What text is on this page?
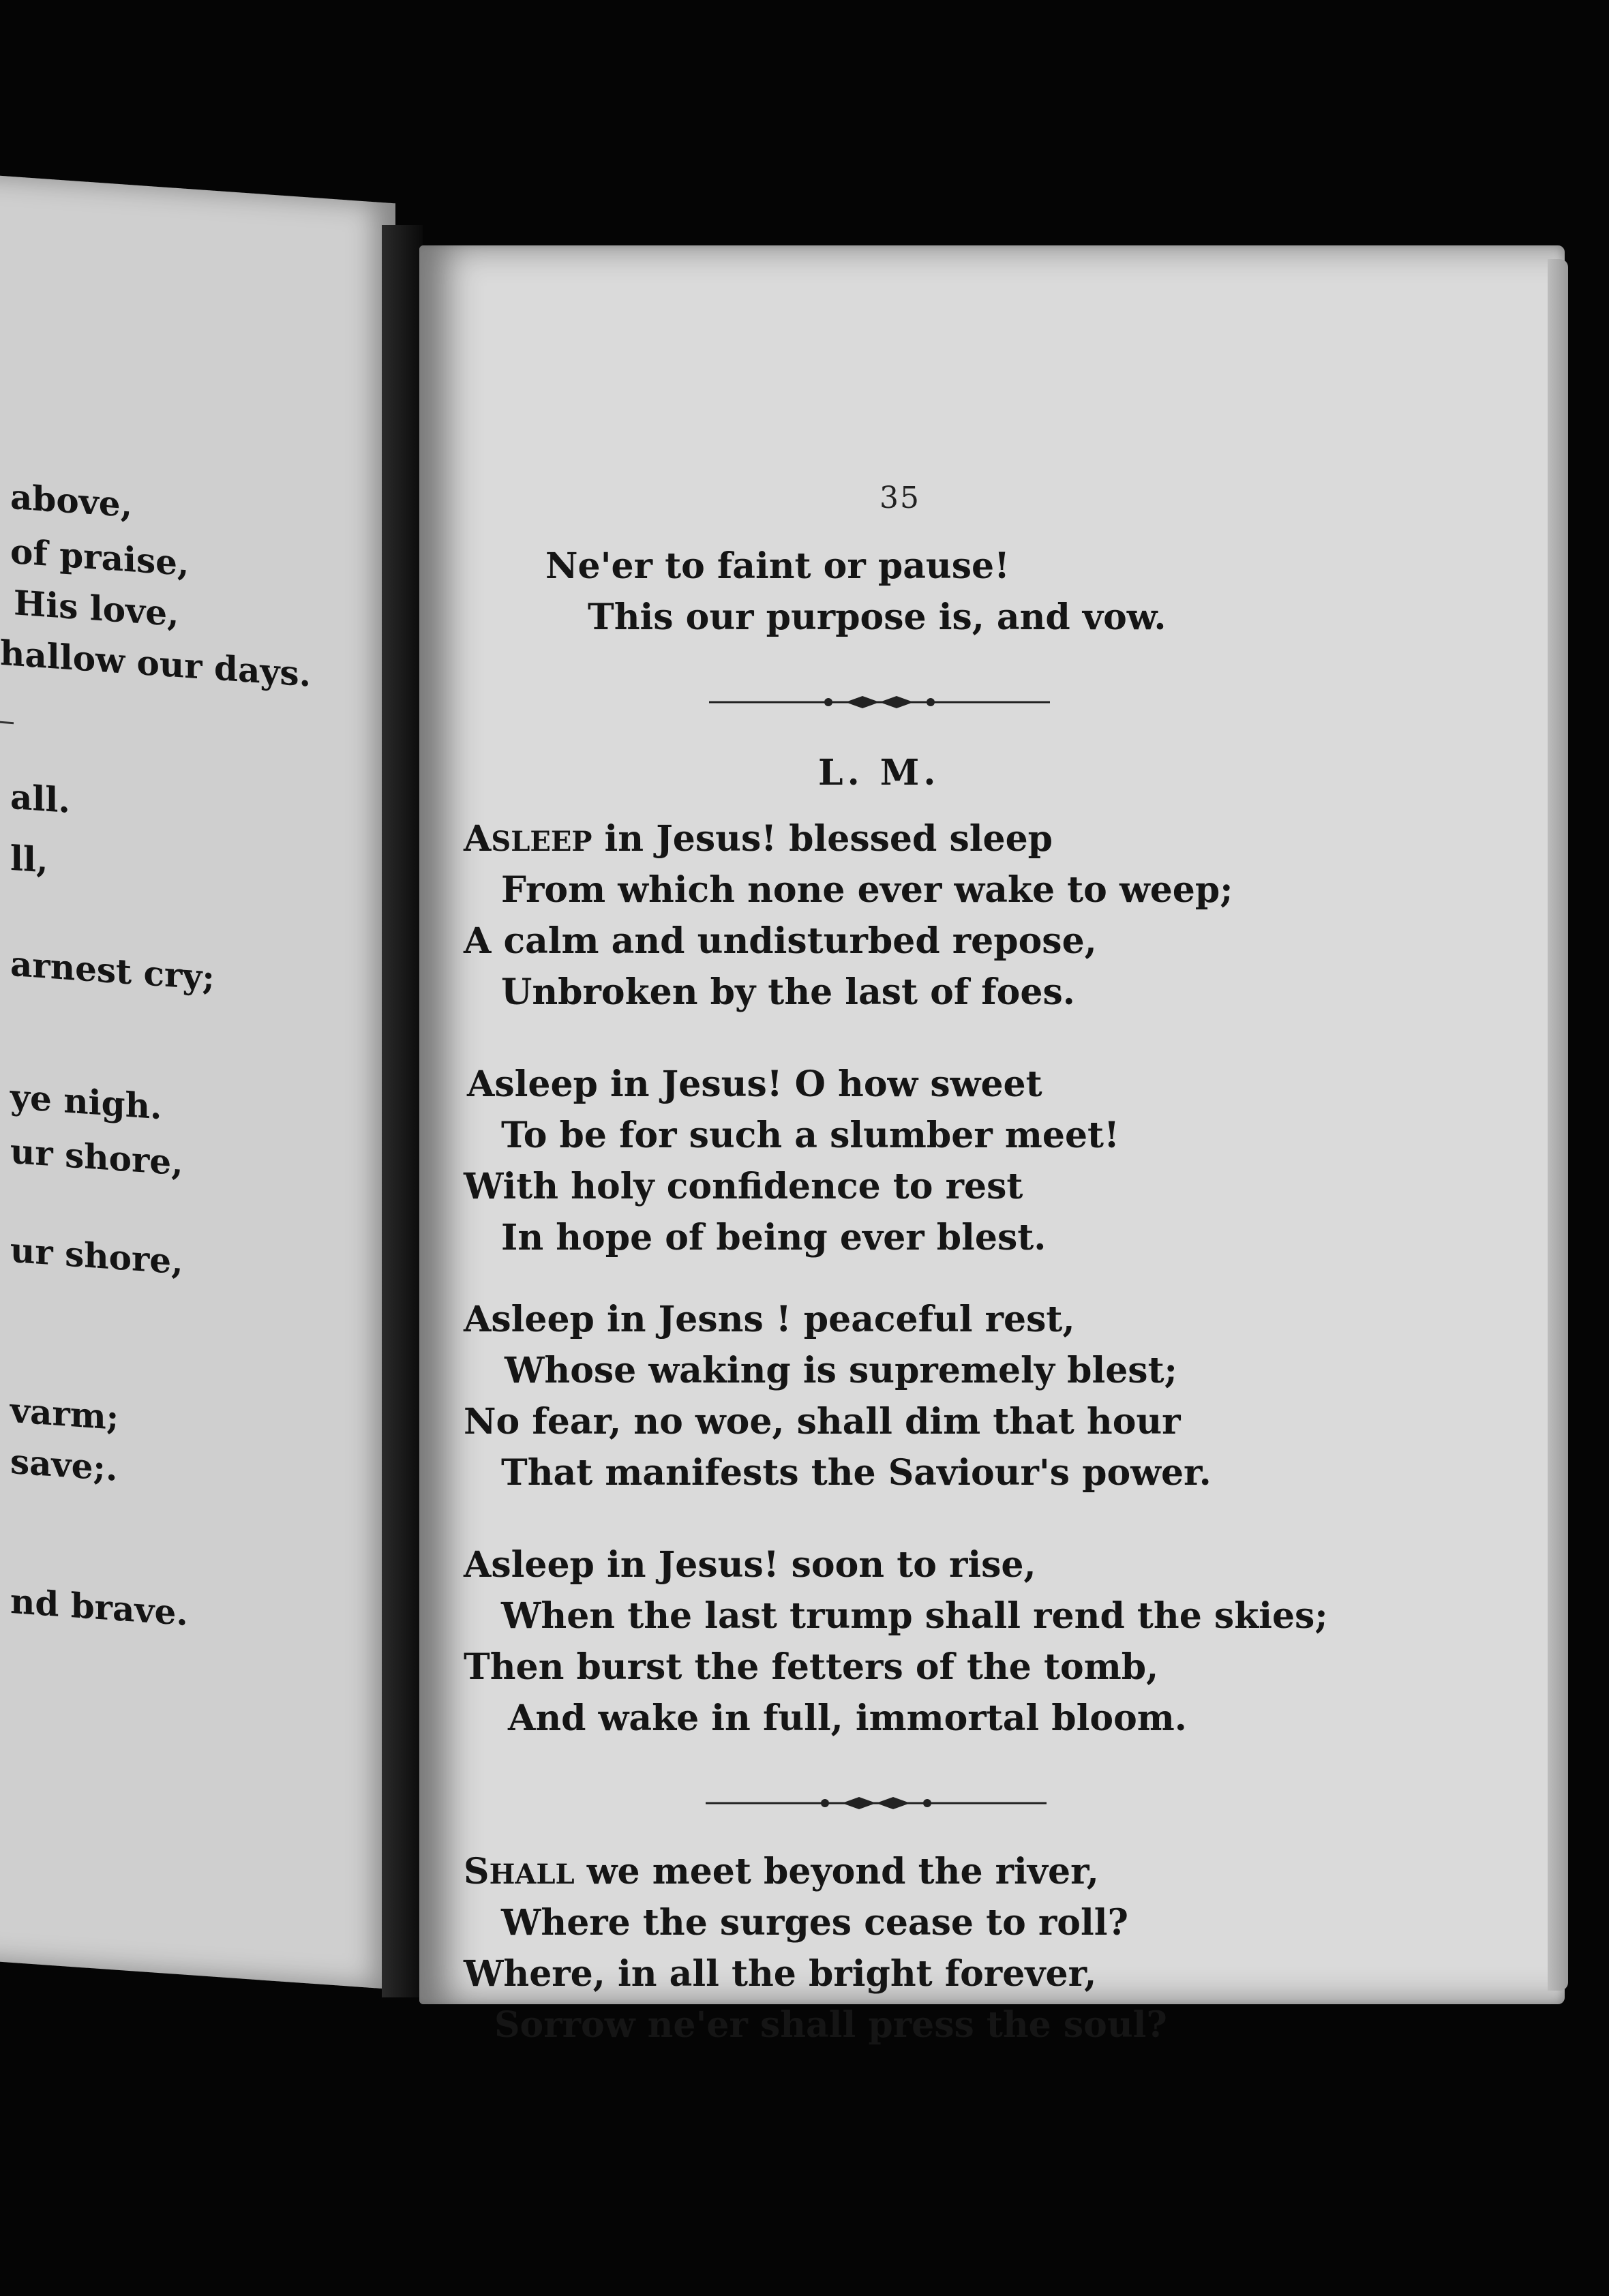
above,
of praise,
His love,
hallow our days.
all.
ll,
arnest cry;
ye nigh.
ur shore,
ur shore,
varm;
save;.
nd brave.
35
Ne'er to faint or pause!
This our purpose is, and vow.
L. M.
ASLEEP in Jesus! blessed sleep
From which none ever wake to weep;
A calm and undisturbed repose,
Unbroken by the last of foes.
Asleep in Jesus! O how sweet
To be for such a slumber meet!
With holy confidence to rest
In hope of being ever blest.
Asleep in Jesns ! peaceful rest,
Whose waking is supremely blest;
No fear, no woe, shall dim that hour
That manifests the Saviour's power.
Asleep in Jesus! soon to rise,
When the last trump shall rend the skies;
Then burst the fetters of the tomb,
And wake in full, immortal bloom.
SHALL we meet beyond the river,
Where the surges cease to roll?
Where, in all the bright forever,
Sorrow ne'er shall press the soul?
